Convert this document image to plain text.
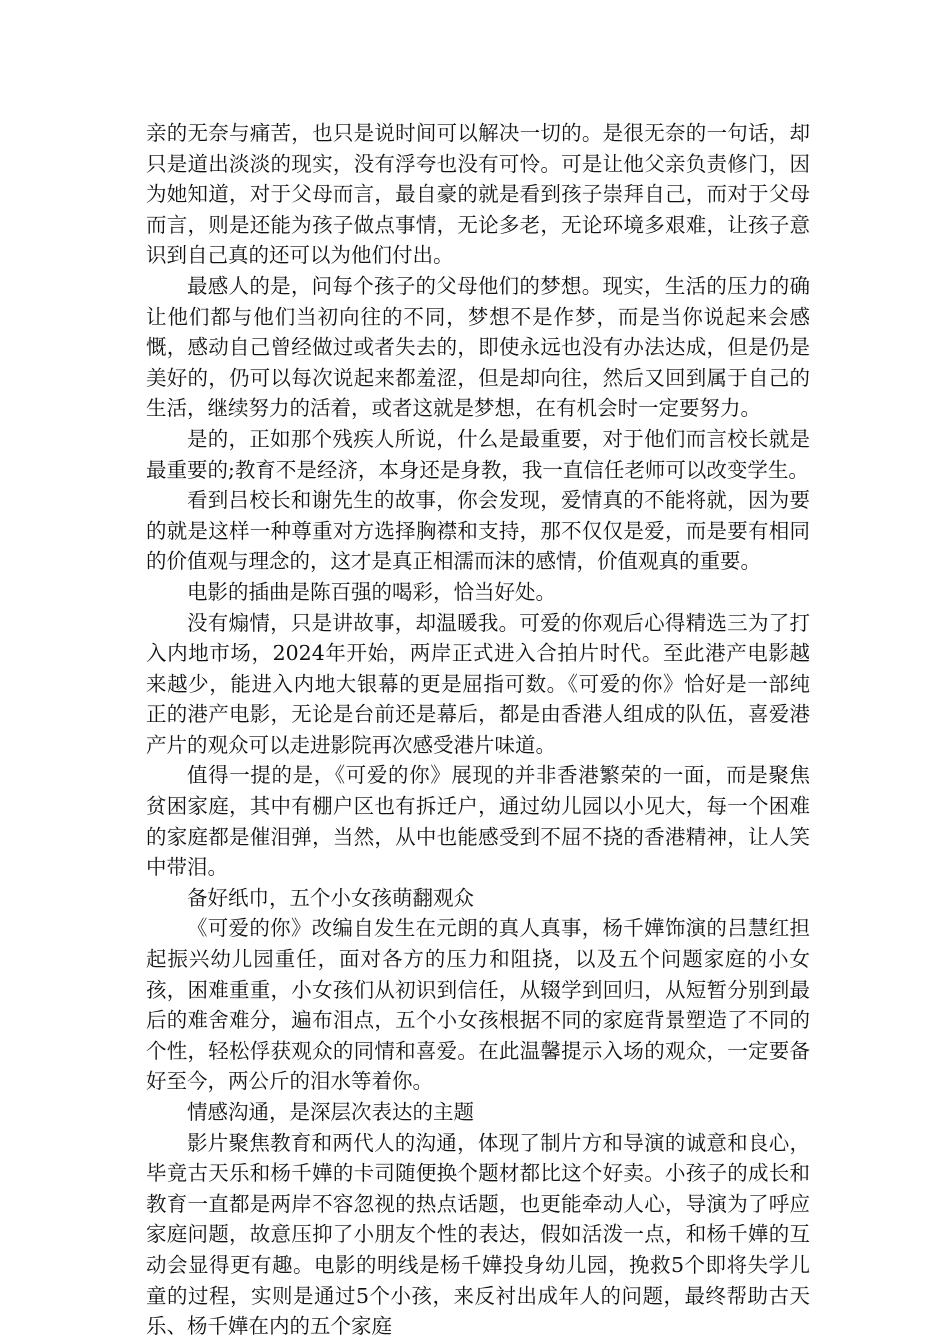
亲的无奈与痛苦，也只是说时间可以解决一切的。是很无奈的一句话，却只是道出淡淡的现实，没有浮夸也没有可怜。可是让他父亲负责修门，因为她知道，对于父母而言，最自豪的就是看到孩子崇拜自己，而对于父母而言，则是还能为孩子做点事情，无论多老，无论环境多艰难，让孩子意识到自己真的还可以为他们付出。

最感人的是，问每个孩子的父母他们的梦想。现实，生活的压力的确让他们都与他们当初向往的不同，梦想不是作梦，而是当你说起来会感慨，感动自己曾经做过或者失去的，即使永远也没有办法达成，但是仍是美好的，仍可以每次说起来都羞涩，但是却向往，然后又回到属于自己的生活，继续努力的活着，或者这就是梦想，在有机会时一定要努力。

是的，正如那个残疾人所说，什么是最重要，对于他们而言校长就是最重要的;教育不是经济，本身还是身教，我一直信任老师可以改变学生。

看到吕校长和谢先生的故事，你会发现，爱情真的不能将就，因为要的就是这样一种尊重对方选择胸襟和支持，那不仅仅是爱，而是要有相同的价值观与理念的，这才是真正相濡而沫的感情，价值观真的重要。

电影的插曲是陈百强的喝彩，恰当好处。

没有煽情，只是讲故事，却温暖我。可爱的你观后心得精选三为了打入内地市场，2024年开始，两岸正式进入合拍片时代。至此港产电影越来越少，能进入内地大银幕的更是屈指可数。《可爱的你》恰好是一部纯正的港产电影，无论是台前还是幕后，都是由香港人组成的队伍，喜爱港产片的观众可以走进影院再次感受港片味道。

值得一提的是，《可爱的你》展现的并非香港繁荣的一面，而是聚焦贫困家庭，其中有棚户区也有拆迁户，通过幼儿园以小见大，每一个困难的家庭都是催泪弹，当然，从中也能感受到不屈不挠的香港精神，让人笑中带泪。

备好纸巾，五个小女孩萌翻观众

《可爱的你》改编自发生在元朗的真人真事，杨千嬅饰演的吕慧红担起振兴幼儿园重任，面对各方的压力和阻挠，以及五个问题家庭的小女孩，困难重重，小女孩们从初识到信任，从辍学到回归，从短暂分别到最后的难舍难分，遍布泪点，五个小女孩根据不同的家庭背景塑造了不同的个性，轻松俘获观众的同情和喜爱。在此温馨提示入场的观众，一定要备好至今，两公斤的泪水等着你。

情感沟通，是深层次表达的主题

影片聚焦教育和两代人的沟通，体现了制片方和导演的诚意和良心，毕竟古天乐和杨千嬅的卡司随便换个题材都比这个好卖。小孩子的成长和教育一直都是两岸不容忽视的热点话题，也更能牵动人心，导演为了呼应家庭问题，故意压抑了小朋友个性的表达，假如活泼一点，和杨千嬅的互动会显得更有趣。电影的明线是杨千嬅投身幼儿园，挽救5个即将失学儿童的过程，实则是通过5个小孩，来反衬出成年人的问题，最终帮助古天乐、杨千嬅在内的五个家庭
